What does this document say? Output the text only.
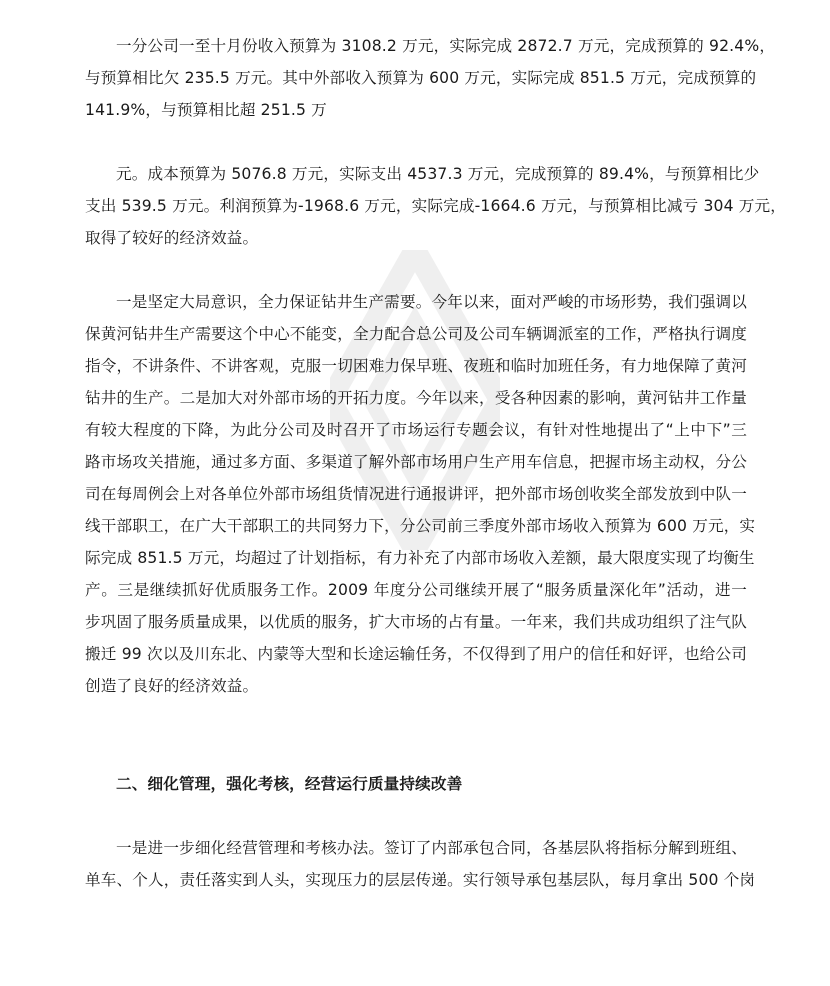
一分公司一至十月份收入预算为 3108.2 万元，实际完成 2872.7 万元，完成预算的 92.4%，
与预算相比欠 235.5 万元。其中外部收入预算为 600 万元，实际完成 851.5 万元，完成预算的
141.9%，与预算相比超 251.5 万
元。成本预算为 5076.8 万元，实际支出 4537.3 万元，完成预算的 89.4%，与预算相比少
支出 539.5 万元。利润预算为-1968.6 万元，实际完成-1664.6 万元，与预算相比减亏 304 万元，
取得了较好的经济效益。
一是坚定大局意识，全力保证钻井生产需要。今年以来，面对严峻的市场形势，我们强调以
保黄河钻井生产需要这个中心不能变，全力配合总公司及公司车辆调派室的工作，严格执行调度
指令，不讲条件、不讲客观，克服一切困难力保早班、夜班和临时加班任务，有力地保障了黄河
钻井的生产。二是加大对外部市场的开拓力度。今年以来，受各种因素的影响，黄河钻井工作量
有较大程度的下降，为此分公司及时召开了市场运行专题会议，有针对性地提出了“上中下”三
路市场攻关措施，通过多方面、多渠道了解外部市场用户生产用车信息，把握市场主动权，分公
司在每周例会上对各单位外部市场组货情况进行通报讲评，把外部市场创收奖全部发放到中队一
线干部职工，在广大干部职工的共同努力下，分公司前三季度外部市场收入预算为 600 万元，实
际完成 851.5 万元，均超过了计划指标，有力补充了内部市场收入差额，最大限度实现了均衡生
产。三是继续抓好优质服务工作。2009 年度分公司继续开展了“服务质量深化年”活动，进一
步巩固了服务质量成果，以优质的服务，扩大市场的占有量。一年来，我们共成功组织了注气队
搬迁 99 次以及川东北、内蒙等大型和长途运输任务，不仅得到了用户的信任和好评，也给公司
创造了良好的经济效益。
二、细化管理，强化考核，经营运行质量持续改善
一是进一步细化经营管理和考核办法。签订了内部承包合同，各基层队将指标分解到班组、
单车、个人，责任落实到人头，实现压力的层层传递。实行领导承包基层队，每月拿出 500 个岗
